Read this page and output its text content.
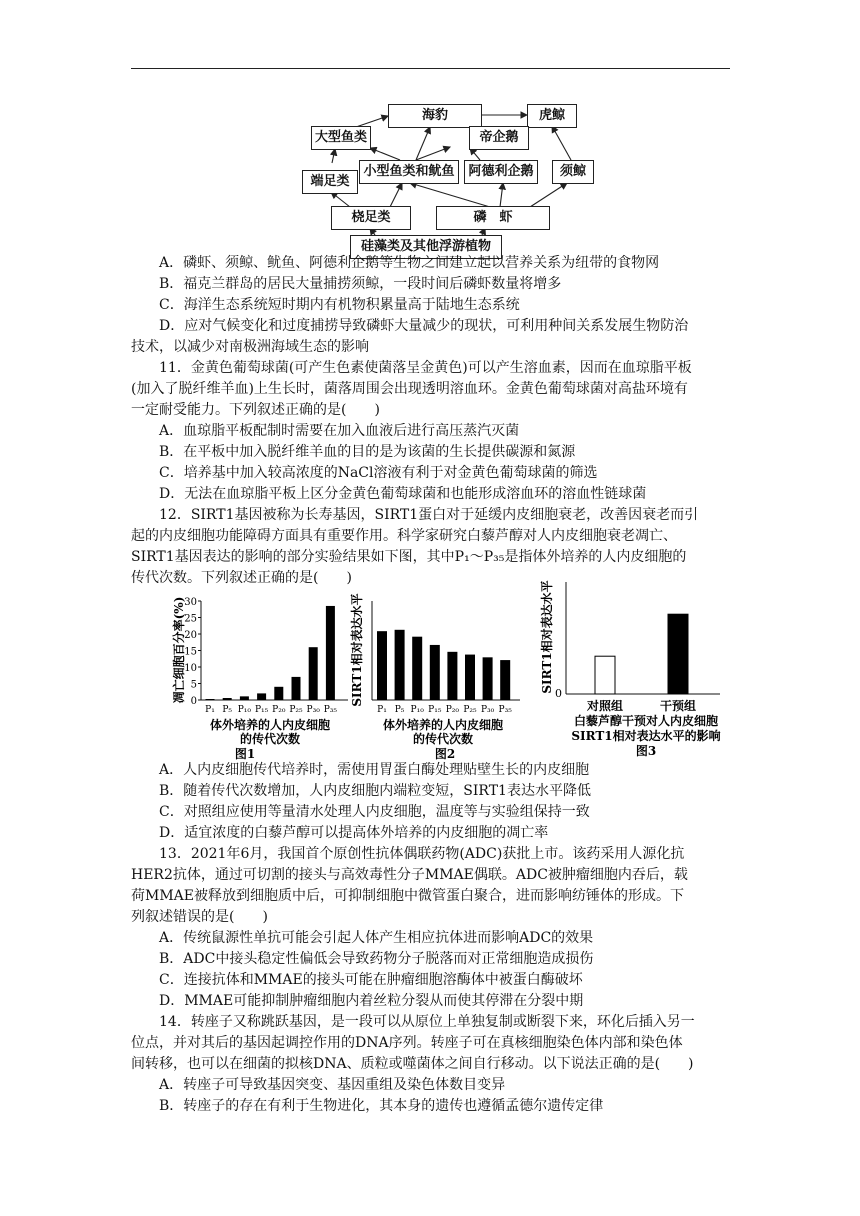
海豹	虎鲸
大型鱼类	帝企鹅
小型鱼类和鱿鱼	阿德利企鹅	须鲸
端足类
桡足类	磷　虾
硅藻类及其他浮游植物
A．磷虾、须鲸、鱿鱼、阿德利企鹅等生物之间建立起以营养关系为纽带的食物网
B．福克兰群岛的居民大量捕捞须鲸，一段时间后磷虾数量将增多
C．海洋生态系统短时期内有机物积累量高于陆地生态系统
D．应对气候变化和过度捕捞导致磷虾大量减少的现状，可利用种间关系发展生物防治
技术，以减少对南极洲海域生态的影响
11．金黄色葡萄球菌(可产生色素使菌落呈金黄色)可以产生溶血素，因而在血琼脂平板
(加入了脱纤维羊血)上生长时，菌落周围会出现透明溶血环。金黄色葡萄球菌对高盐环境有
一定耐受能力。下列叙述正确的是(　　)
A．血琼脂平板配制时需要在加入血液后进行高压蒸汽灭菌
B．在平板中加入脱纤维羊血的目的是为该菌的生长提供碳源和氮源
C．培养基中加入较高浓度的NaCl溶液有利于对金黄色葡萄球菌的筛选
D．无法在血琼脂平板上区分金黄色葡萄球菌和也能形成溶血环的溶血性链球菌
12．SIRT1基因被称为长寿基因，SIRT1蛋白对于延缓内皮细胞衰老，改善因衰老而引
起的内皮细胞功能障碍方面具有重要作用。科学家研究白藜芦醇对人内皮细胞衰老凋亡、
SIRT1基因表达的影响的部分实验结果如下图，其中P₁～P₃₅是指体外培养的人内皮细胞的
传代次数。下列叙述正确的是(　　)
A．人内皮细胞传代培养时，需使用胃蛋白酶处理贴壁生长的内皮细胞
B．随着传代次数增加，人内皮细胞内端粒变短，SIRT1表达水平降低
C．对照组应使用等量清水处理人内皮细胞，温度等与实验组保持一致
D．适宜浓度的白藜芦醇可以提高体外培养的内皮细胞的凋亡率
13．2021年6月，我国首个原创性抗体偶联药物(ADC)获批上市。该药采用人源化抗
HER2抗体，通过可切割的接头与高效毒性分子MMAE偶联。ADC被肿瘤细胞内吞后，载
荷MMAE被释放到细胞质中后，可抑制细胞中微管蛋白聚合，进而影响纺锤体的形成。下
列叙述错误的是(　　)
A．传统鼠源性单抗可能会引起人体产生相应抗体进而影响ADC的效果
B．ADC中接头稳定性偏低会导致药物分子脱落而对正常细胞造成损伤
C．连接抗体和MMAE的接头可能在肿瘤细胞溶酶体中被蛋白酶破坏
D．MMAE可能抑制肿瘤细胞内着丝粒分裂从而使其停滞在分裂中期
14．转座子又称跳跃基因，是一段可以从原位上单独复制或断裂下来，环化后插入另一
位点，并对其后的基因起调控作用的DNA序列。转座子可在真核细胞染色体内部和染色体
间转移，也可以在细菌的拟核DNA、质粒或噬菌体之间自行移动。以下说法正确的是(　　)
A．转座子可导致基因突变、基因重组及染色体数目变异
B．转座子的存在有利于生物进化，其本身的遗传也遵循孟德尔遗传定律
凋亡细胞百分率(%) 0
5
10
15
20
25
30
P₁ P₅ P₁₀ P₁₅ P₂₀ P₂₅ P₃₀ P₃₅
体外培养的人内皮细胞
的传代次数
图1
SIRT1相对表达水平
P₁ P₅ P₁₀ P₁₅ P₂₀ P₂₅ P₃₀ P₃₅
体外培养的人内皮细胞
的传代次数
图2
SIRT1相对表达水平 0
对照组	干预组
白藜芦醇干预对人内皮细胞
SIRT1相对表达水平的影响
图3
